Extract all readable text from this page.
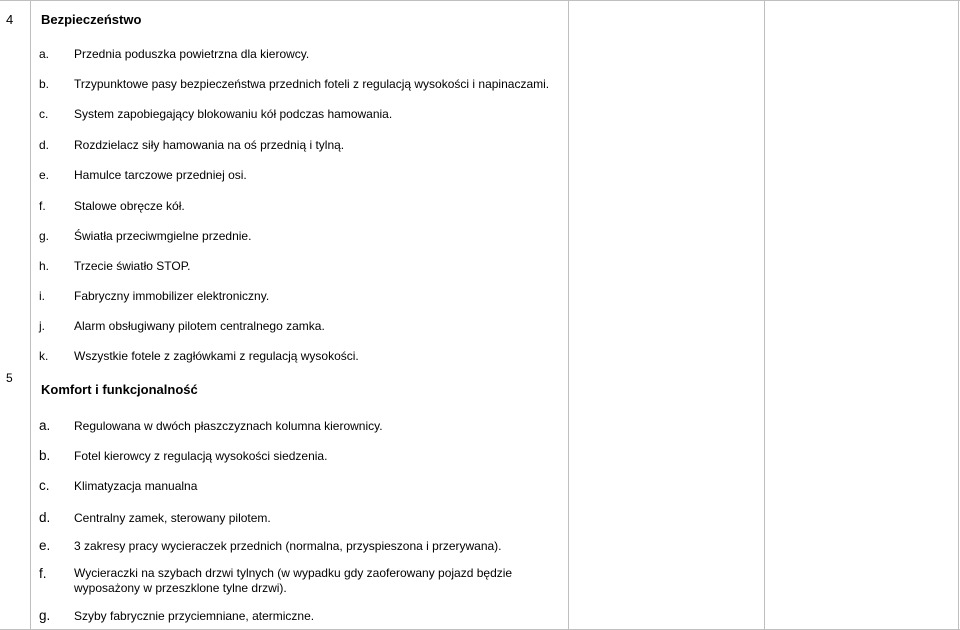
4 Bezpieczeństwo
a. Przednia poduszka powietrzna dla kierowcy.
b. Trzypunktowe pasy bezpieczeństwa przednich foteli z regulacją wysokości i napinaczami.
c. System zapobiegający blokowaniu kół podczas hamowania.
d. Rozdzielacz siły hamowania na oś przednią i tylną.
e. Hamulce tarczowe przedniej osi.
f. Stalowe obręcze kół.
g. Światła przeciwmgielne przednie.
h. Trzecie światło STOP.
i. Fabryczny immobilizer elektroniczny.
j. Alarm obsługiwany pilotem centralnego zamka.
k. Wszystkie fotele z zagłówkami z regulacją wysokości.
5
Komfort i funkcjonalność
a. Regulowana w dwóch płaszczyznach kolumna kierownicy.
b. Fotel kierowcy z regulacją wysokości siedzenia.
c. Klimatyzacja manualna
d. Centralny zamek, sterowany pilotem.
e. 3 zakresy pracy wycieraczek przednich (normalna, przyspieszona i przerywana).
f. Wycieraczki na szybach drzwi tylnych (w wypadku gdy zaoferowany pojazd będzie wyposażony w przeszklone tylne drzwi).
g. Szyby fabrycznie przyciemniane, atermiczne.
